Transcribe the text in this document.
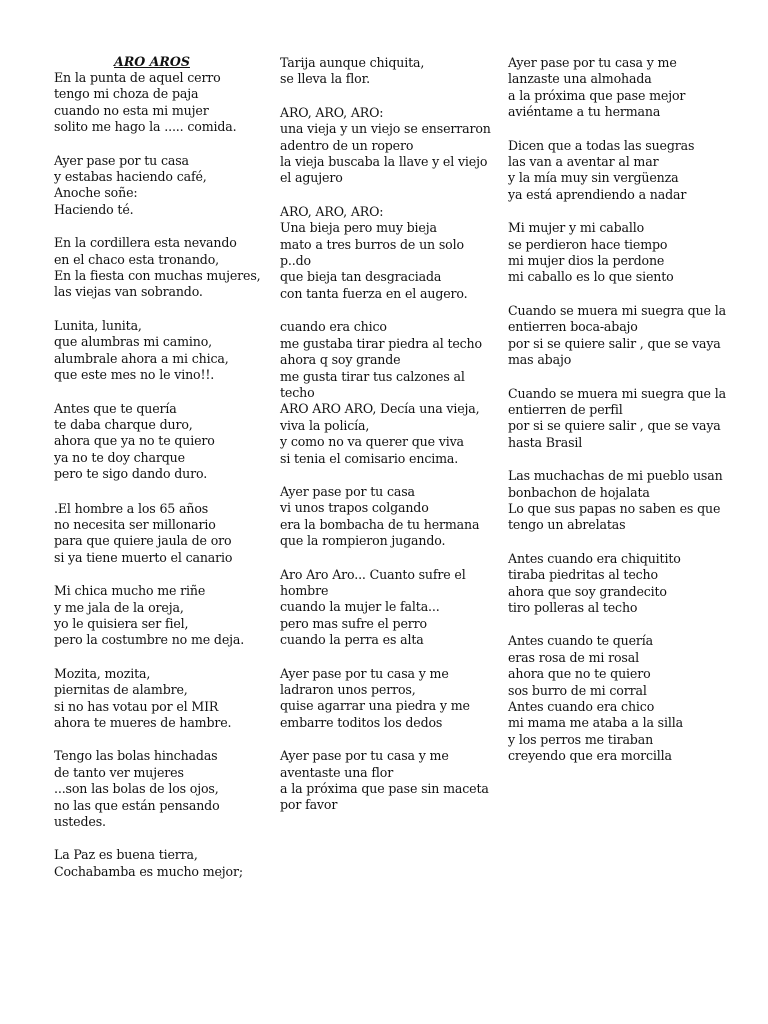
ARO AROS
En la punta de aquel cerro
tengo mi choza de paja
cuando no esta mi mujer
solito me hago la ..... comida.
Ayer pase por tu casa
y estabas haciendo café,
Anoche soñe:
Haciendo té.
En la cordillera esta nevando
en el chaco esta tronando,
En la fiesta con muchas mujeres,
las viejas van sobrando.
Lunita, lunita,
que alumbras mi camino,
alumbrale ahora a mi chica,
que este mes no le vino!!.
Antes que te quería
te daba charque duro,
ahora que ya no te quiero
ya no te doy charque
pero te sigo dando duro.
.El hombre a los 65 años
no necesita ser millonario
para que quiere jaula de oro
si ya tiene muerto el canario
Mi chica mucho me riñe
y me jala de la oreja,
yo le quisiera ser fiel,
pero la costumbre no me deja.
Mozita, mozita,
piernitas de alambre,
si no has votau por el MIR
ahora te mueres de hambre.
Tengo las bolas hinchadas
de tanto ver mujeres
...son las bolas de los ojos,
no las que están pensando
ustedes.
La Paz es buena tierra,
Cochabamba es mucho mejor;
Tarija aunque chiquita,
se lleva la flor.
ARO, ARO, ARO:
una vieja y un viejo se enserraron
adentro de un ropero
la vieja buscaba la llave y el viejo
el agujero
ARO, ARO, ARO:
Una bieja pero muy bieja
mato a tres burros de un solo
p..do
que bieja tan desgraciada
con tanta fuerza en el augero.
cuando era chico
me gustaba tirar piedra al techo
ahora q soy grande
me gusta tirar tus calzones al
techo
ARO ARO ARO, Decía una vieja,
viva la policía,
y como no va querer que viva
si tenia el comisario encima.
Ayer pase por tu casa
vi unos trapos colgando
era la bombacha de tu hermana
que la rompieron jugando.
Aro Aro Aro... Cuanto sufre el
hombre
cuando la mujer le falta...
pero mas sufre el perro
cuando la perra es alta
Ayer pase por tu casa y me
ladraron unos perros,
quise agarrar una piedra y me
embarre toditos los dedos
Ayer pase por tu casa y me
aventaste una flor
a la próxima que pase sin maceta
por favor
Ayer pase por tu casa y me
lanzaste una almohada
a la próxima que pase mejor
aviéntame a tu hermana
Dicen que a todas las suegras
las van a aventar al mar
y la mía muy sin vergüenza
ya está aprendiendo a nadar
Mi mujer y mi caballo
se perdieron hace tiempo
mi mujer dios la perdone
mi caballo es lo que siento
Cuando se muera mi suegra que la
entierren boca-abajo
por si se quiere salir , que se vaya
mas abajo
Cuando se muera mi suegra que la
entierren de perfil
por si se quiere salir , que se vaya
hasta Brasil
Las muchachas de mi pueblo usan
bonbachon de hojalata
Lo que sus papas no saben es que
tengo un abrelatas
Antes cuando era chiquitito
tiraba piedritas al techo
ahora que soy grandecito
tiro polleras al techo
Antes cuando te quería
eras rosa de mi rosal
ahora que no te quiero
sos burro de mi corral
Antes cuando era chico
mi mama me ataba a la silla
y los perros me tiraban
creyendo que era morcilla
